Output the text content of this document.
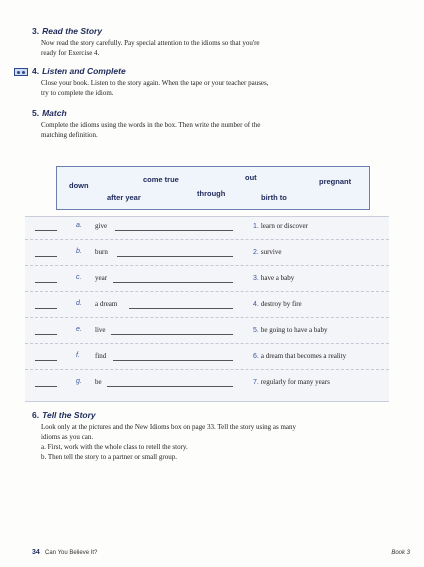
3. Read the Story
Now read the story carefully. Pay special attention to the idioms so that you're
ready for Exercise 4.
4. Listen and Complete
Close your book. Listen to the story again. When the tape or your teacher pauses,
try to complete the idiom.
5. Match
Complete the idioms using the words in the box. Then write the number of the
matching definition.
down
come true	out	pregnant
after year	through	birth to
a. give	1. learn or discover
b. burn	2. survive
c. year	3. have a baby
d. a dream	4. destroy by fire
e. live	5. be going to have a baby
f. find	6. a dream that becomes a reality
g. be	7. regularly for many years
6. Tell the Story
Look only at the pictures and the New Idioms box on page 33. Tell the story using as many
idioms as you can.
a. First, work with the whole class to retell the story.
b. Then tell the story to a partner or small group.
34 Can You Believe It?	Book 3
